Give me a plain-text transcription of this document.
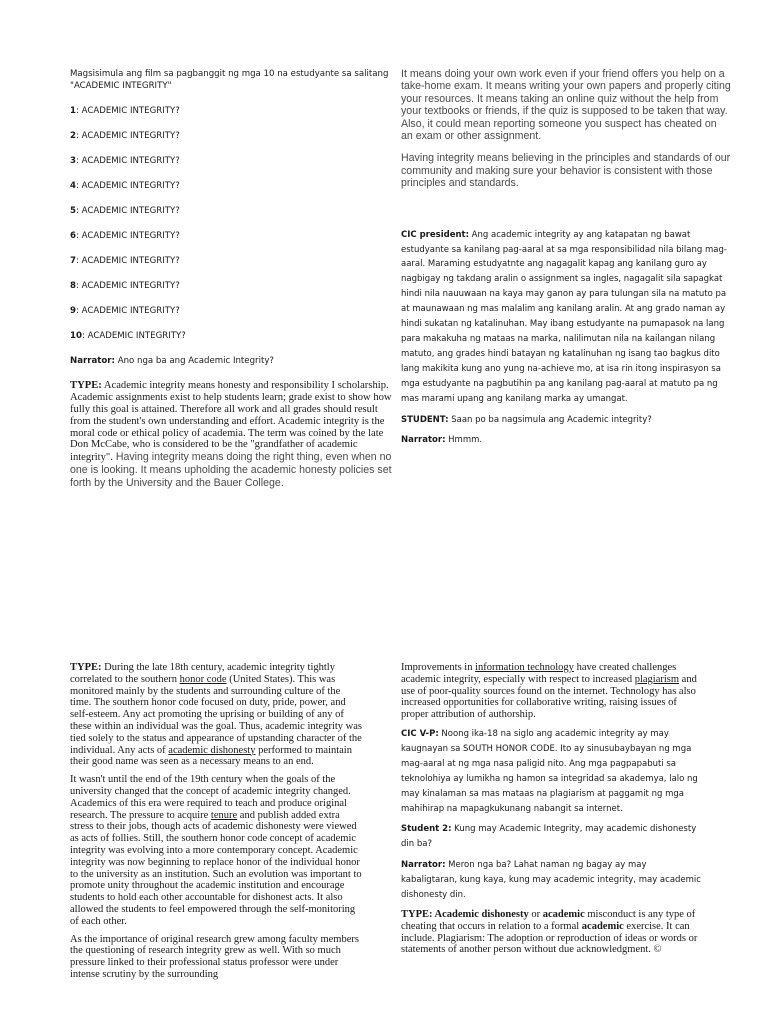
Magsisimula ang film sa pagbanggit ng mga 10 na estudyante sa salitang "ACADEMIC INTEGRITY"

1: ACADEMIC INTEGRITY?

2: ACADEMIC INTEGRITY?

3: ACADEMIC INTEGRITY?

4: ACADEMIC INTEGRITY?

5: ACADEMIC INTEGRITY?

6: ACADEMIC INTEGRITY?

7: ACADEMIC INTEGRITY?

8: ACADEMIC INTEGRITY?

9: ACADEMIC INTEGRITY?

10: ACADEMIC INTEGRITY?

Narrator: Ano nga ba ang Academic Integrity?

TYPE: Academic integrity means honesty and responsibility I scholarship. Academic assignments exist to help students learn; grade exist to show how fully this goal is attained. Therefore all work and all grades should result from the student's own understanding and effort. Academic integrity is the moral code or ethical policy of academia. The term was coined by the late Don McCabe, who is considered to be the "grandfather of academic integrity". Having integrity means doing the right thing, even when no one is looking. It means upholding the academic honesty policies set forth by the University and the Bauer College.

It means doing your own work even if your friend offers you help on a take-home exam. It means writing your own papers and properly citing your resources. It means taking an online quiz without the help from your textbooks or friends, if the quiz is supposed to be taken that way. Also, it could mean reporting someone you suspect has cheated on an exam or other assignment.

Having integrity means believing in the principles and standards of our community and making sure your behavior is consistent with those principles and standards.

CIC president: Ang academic integrity ay ang katapatan ng bawat estudyante sa kanilang pag-aaral at sa mga responsibilidad nila bilang mag-aaral. Maraming estudyatnte ang nagagalit kapag ang kanilang guro ay nagbigay ng takdang aralin o assignment sa ingles, nagagalit sila sapagkat hindi nila nauuwaan na kaya may ganon ay para tulungan sila na matuto pa at maunawaan ng mas malalim ang kanilang aralin. At ang grado naman ay hindi sukatan ng katalinuhan. May ibang estudyante na pumapasok na lang para makakuha ng mataas na marka, nalilimutan nila na kailangan nilang matuto, ang grades hindi batayan ng katalinuhan ng isang tao bagkus dito lang makikita kung ano yung na-achieve mo, at isa rin itong inspirasyon sa mga estudyante na pagbutihin pa ang kanilang pag-aaral at matuto pa ng mas marami upang ang kanilang marka ay umangat.

STUDENT: Saan po ba nagsimula ang Academic integrity?

Narrator: Hmmm.

TYPE: During the late 18th century, academic integrity tightly correlated to the southern honor code (United States). This was monitored mainly by the students and surrounding culture of the time. The southern honor code focused on duty, pride, power, and self-esteem. Any act promoting the uprising or building of any of these within an individual was the goal. Thus, academic integrity was tied solely to the status and appearance of upstanding character of the individual. Any acts of academic dishonesty performed to maintain their good name was seen as a necessary means to an end.

It wasn't until the end of the 19th century when the goals of the university changed that the concept of academic integrity changed. Academics of this era were required to teach and produce original research. The pressure to acquire tenure and publish added extra stress to their jobs, though acts of academic dishonesty were viewed as acts of follies. Still, the southern honor code concept of academic integrity was evolving into a more contemporary concept. Academic integrity was now beginning to replace honor of the individual honor to the university as an institution. Such an evolution was important to promote unity throughout the academic institution and encourage students to hold each other accountable for dishonest acts. It also allowed the students to feel empowered through the self-monitoring of each other.

As the importance of original research grew among faculty members the questioning of research integrity grew as well. With so much pressure linked to their professional status professor were under intense scrutiny by the surrounding

Improvements in information technology have created challenges academic integrity, especially with respect to increased plagiarism and use of poor-quality sources found on the internet. Technology has also increased opportunities for collaborative writing, raising issues of proper attribution of authorship.

CIC V-P: Noong ika-18 na siglo ang academic integrity ay may kaugnayan sa SOUTH HONOR CODE. Ito ay sinusubaybayan ng mga mag-aaral at ng mga nasa paligid nito. Ang mga pagpapabuti sa teknolohiya ay lumikha ng hamon sa integridad sa akademya, lalo ng may kinalaman sa mas mataas na plagiarism at paggamit ng mga mahihirap na mapagkukunang nabangit sa internet.

Student 2: Kung may Academic Integrity, may academic dishonesty din ba?

Narrator: Meron nga ba? Lahat naman ng bagay ay may kabaligtaran, kung kaya, kung may academic integrity, may academic dishonesty din.

TYPE: Academic dishonesty or academic misconduct is any type of cheating that occurs in relation to a formal academic exercise. It can include. Plagiarism: The adoption or reproduction of ideas or words or statements of another person without due acknowledgment. ©
